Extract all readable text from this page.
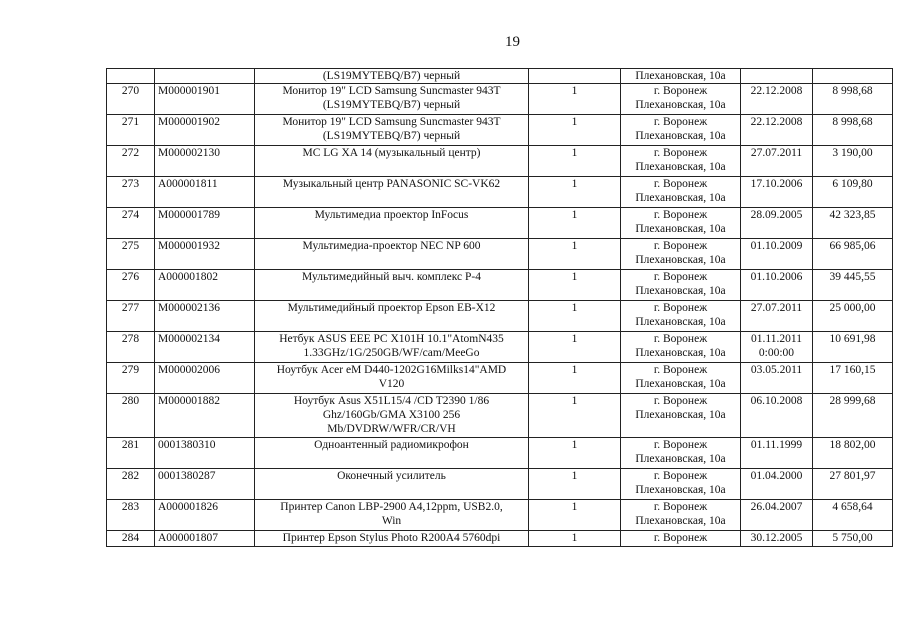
19

		(LS19MYTEBQ/B7) черный		Плехановская, 10а		

270	M000001901	Монитор 19" LCD Samsung Suncmaster 943T
(LS19MYTEBQ/B7) черный	1	г. Воронеж
Плехановская, 10а	22.12.2008	8 998,68
271	M000001902	Монитор 19" LCD Samsung Suncmaster 943T
(LS19MYTEBQ/B7) черный	1	г. Воронеж
Плехановская, 10а	22.12.2008	8 998,68
272	M000002130	МС LG XA 14 (музыкальный центр)	1	г. Воронеж
Плехановская, 10а	27.07.2011	3 190,00
273	A000001811	Музыкальный центр PANASONIC SC-VK62	1	г. Воронеж
Плехановская, 10а	17.10.2006	6 109,80
274	M000001789	Мультимедиа проектор InFocus	1	г. Воронеж
Плехановская, 10а	28.09.2005	42 323,85
275	M000001932	Мультимедиа-проектор NEC NP 600	1	г. Воронеж
Плехановская, 10а	01.10.2009	66 985,06
276	A000001802	Мультимедийный выч. комплекс Р-4	1	г. Воронеж
Плехановская, 10а	01.10.2006	39 445,55
277	M000002136	Мультимедийный проектор Epson EB-X12	1	г. Воронеж
Плехановская, 10а	27.07.2011	25 000,00
278	M000002134	Нетбук ASUS EEE PC X101H 10.1"AtomN435
1.33GHz/1G/250GB/WF/cam/MeeGo	1	г. Воронеж
Плехановская, 10а	01.11.2011
0:00:00	10 691,98
279	M000002006	Ноутбук Acer eM D440-1202G16Milks14"AMD
V120	1	г. Воронеж
Плехановская, 10а	03.05.2011	17 160,15
280	M000001882	Ноутбук Asus X51L15/4 /CD T2390 1/86
Ghz/160Gb/GMA X3100 256
Mb/DVDRW/WFR/CR/VH	1	г. Воронеж
Плехановская, 10а	06.10.2008	28 999,68
281	0001380310	Одноантенный радиомикрофон	1	г. Воронеж
Плехановская, 10а	01.11.1999	18 802,00
282	0001380287	Оконечный усилитель	1	г. Воронеж
Плехановская, 10а	01.04.2000	27 801,97
283	A000001826	Принтер Canon LBP-2900 A4,12ppm, USB2.0,
Win	1	г. Воронеж
Плехановская, 10а	26.04.2007	4 658,64
284	A000001807	Принтер Epson Stylus Photo R200A4 5760dpi	1	г. Воронеж	30.12.2005	5 750,00
